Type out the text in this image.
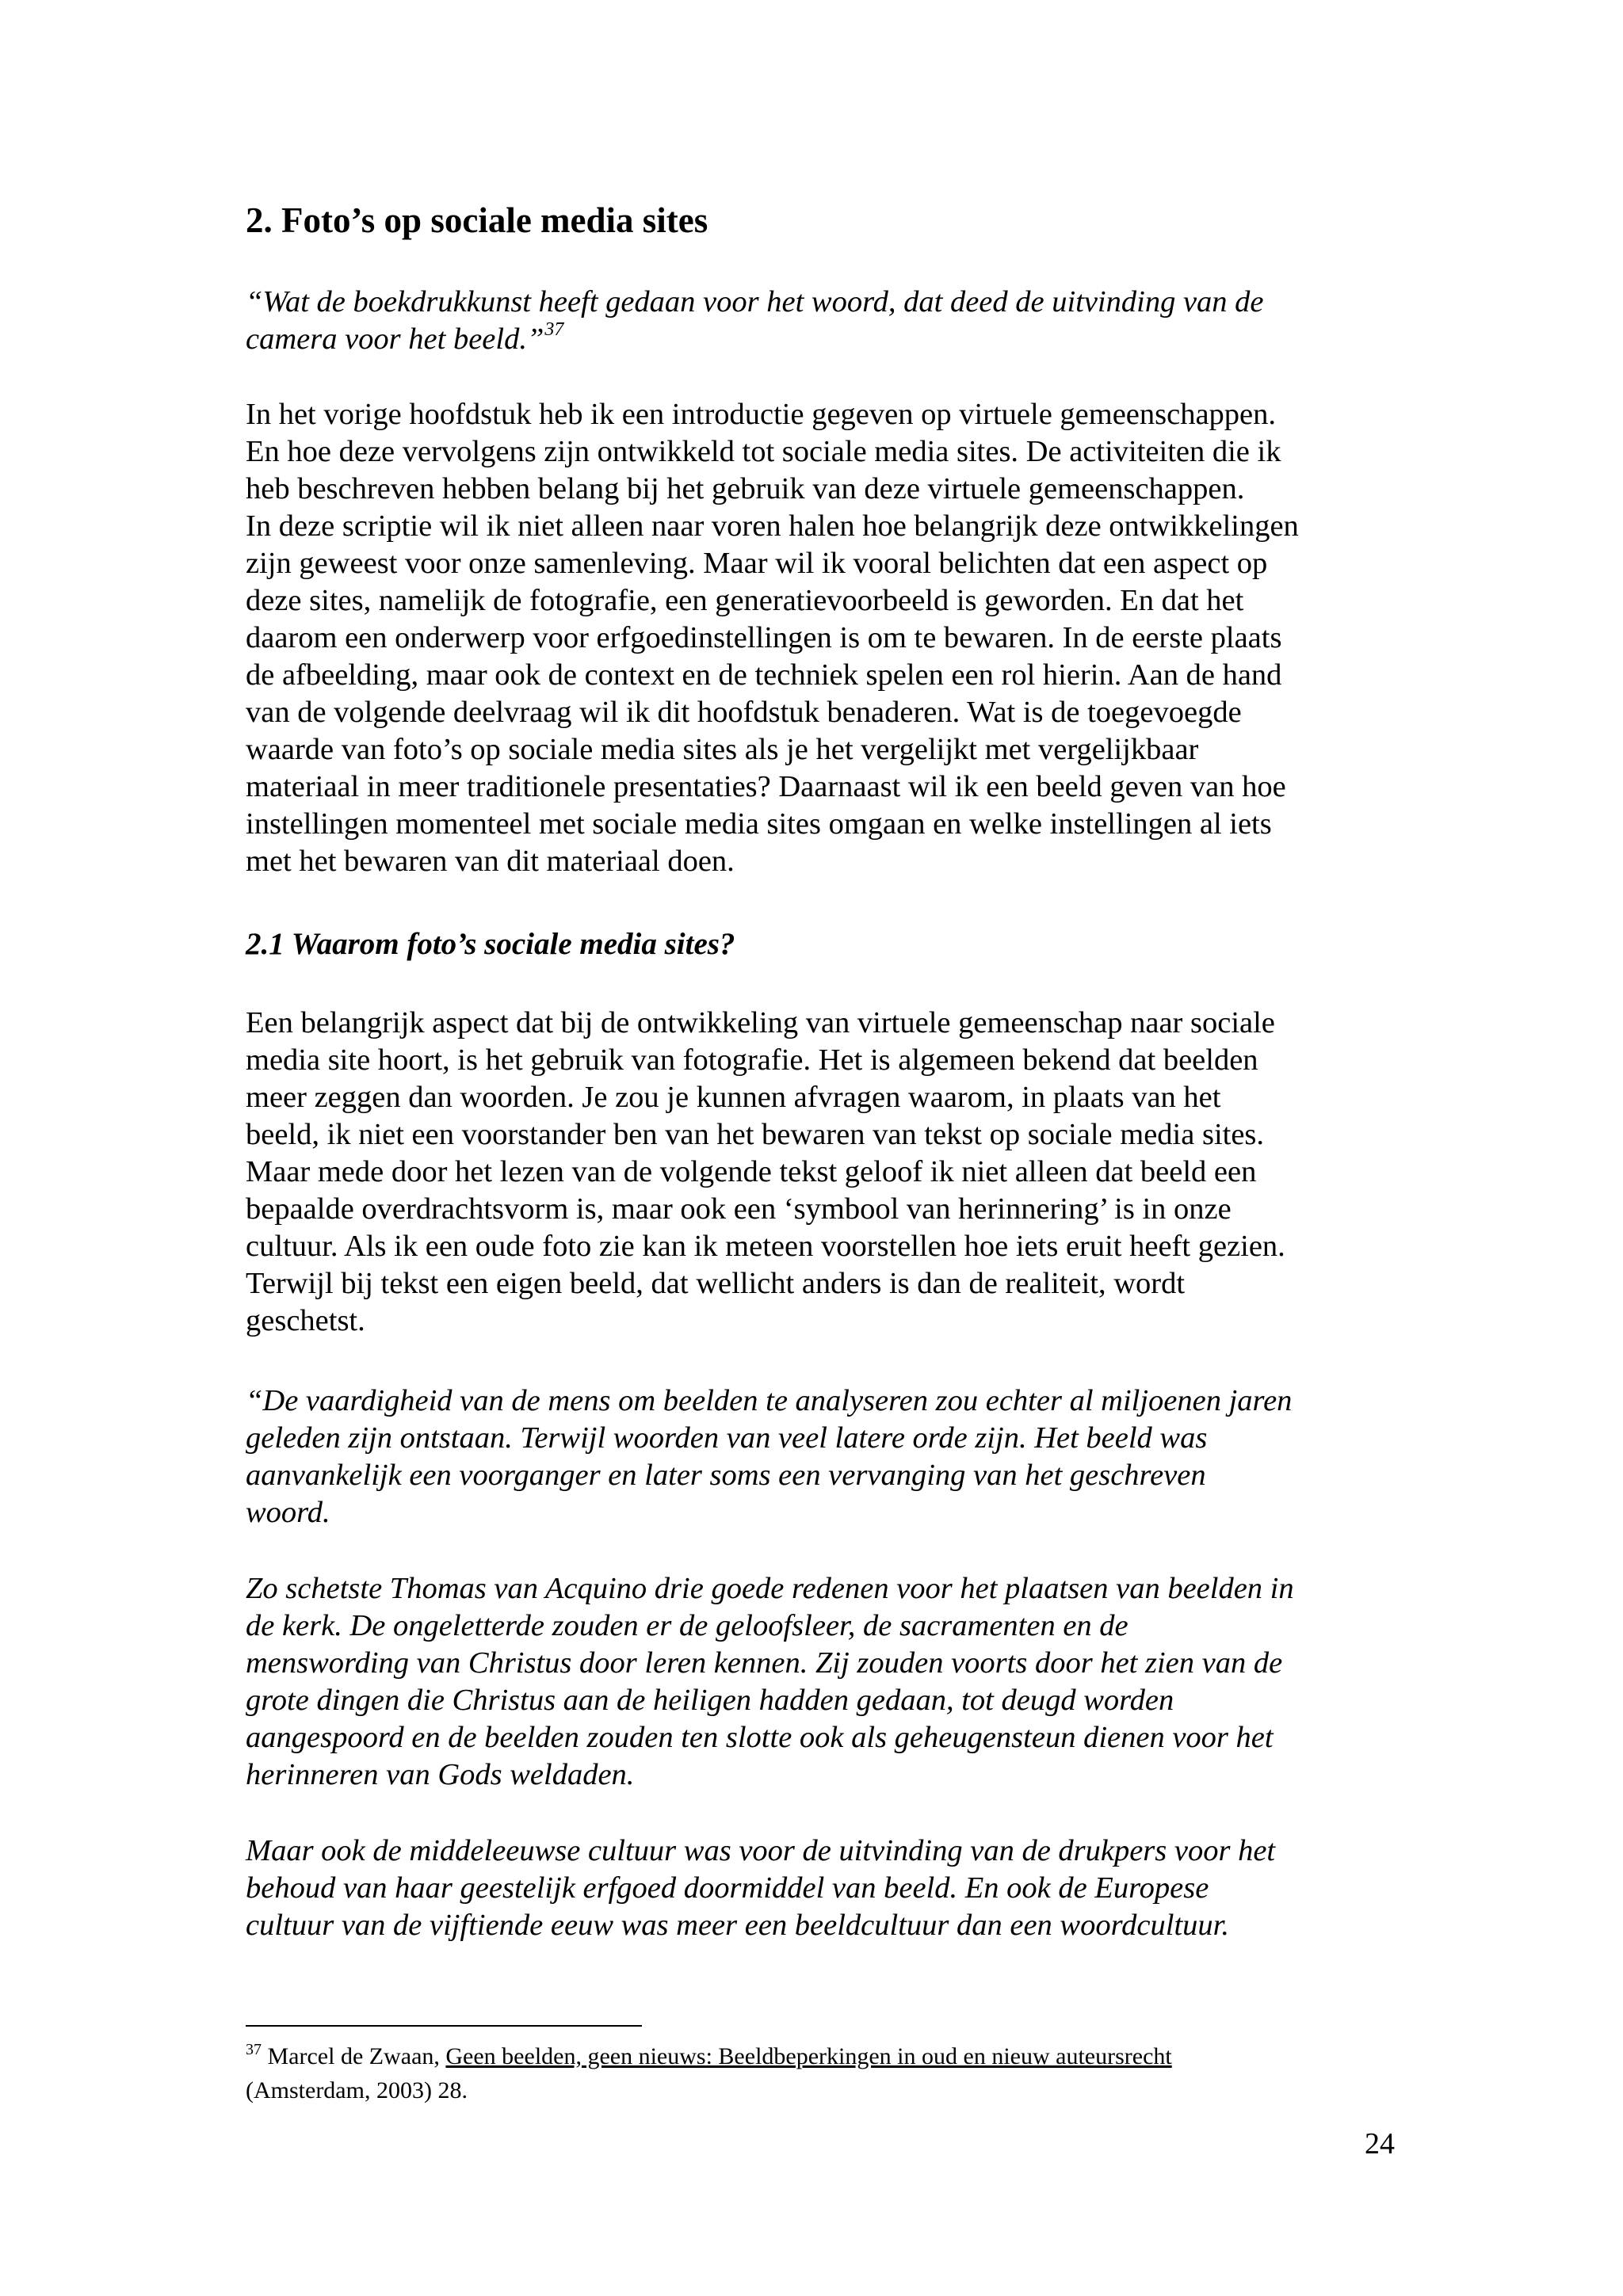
2. Foto’s op sociale media sites

“Wat de boekdrukkunst heeft gedaan voor het woord, dat deed de uitvinding van de
camera voor het beeld.”$^{37}$

In het vorige hoofdstuk heb ik een introductie gegeven op virtuele gemeenschappen.
En hoe deze vervolgens zijn ontwikkeld tot sociale media sites. De activiteiten die ik
heb beschreven hebben belang bij het gebruik van deze virtuele gemeenschappen.
In deze scriptie wil ik niet alleen naar voren halen hoe belangrijk deze ontwikkelingen
zijn geweest voor onze samenleving. Maar wil ik vooral belichten dat een aspect op
deze sites, namelijk de fotografie, een generatievoorbeeld is geworden. En dat het
daarom een onderwerp voor erfgoedinstellingen is om te bewaren. In de eerste plaats
de afbeelding, maar ook de context en de techniek spelen een rol hierin. Aan de hand
van de volgende deelvraag wil ik dit hoofdstuk benaderen. Wat is de toegevoegde
waarde van foto’s op sociale media sites als je het vergelijkt met vergelijkbaar
materiaal in meer traditionele presentaties? Daarnaast wil ik een beeld geven van hoe
instellingen momenteel met sociale media sites omgaan en welke instellingen al iets
met het bewaren van dit materiaal doen.

2.1 Waarom foto’s sociale media sites?

Een belangrijk aspect dat bij de ontwikkeling van virtuele gemeenschap naar sociale
media site hoort, is het gebruik van fotografie. Het is algemeen bekend dat beelden
meer zeggen dan woorden. Je zou je kunnen afvragen waarom, in plaats van het
beeld, ik niet een voorstander ben van het bewaren van tekst op sociale media sites.
Maar mede door het lezen van de volgende tekst geloof ik niet alleen dat beeld een
bepaalde overdrachtsvorm is, maar ook een ‘symbool van herinnering’ is in onze
cultuur. Als ik een oude foto zie kan ik meteen voorstellen hoe iets eruit heeft gezien.
Terwijl bij tekst een eigen beeld, dat wellicht anders is dan de realiteit, wordt
geschetst.

“De vaardigheid van de mens om beelden te analyseren zou echter al miljoenen jaren
geleden zijn ontstaan. Terwijl woorden van veel latere orde zijn. Het beeld was
aanvankelijk een voorganger en later soms een vervanging van het geschreven
woord.

Zo schetste Thomas van Acquino drie goede redenen voor het plaatsen van beelden in
de kerk. De ongeletterde zouden er de geloofsleer, de sacramenten en de
menswording van Christus door leren kennen. Zij zouden voorts door het zien van de
grote dingen die Christus aan de heiligen hadden gedaan, tot deugd worden
aangespoord en de beelden zouden ten slotte ook als geheugensteun dienen voor het
herinneren van Gods weldaden.

Maar ook de middeleeuwse cultuur was voor de uitvinding van de drukpers voor het
behoud van haar geestelijk erfgoed doormiddel van beeld. En ook de Europese
cultuur van de vijftiende eeuw was meer een beeldcultuur dan een woordcultuur.

$^{37}$ Marcel de Zwaan, Geen beelden, geen nieuws: Beeldbeperkingen in oud en nieuw auteursrecht
(Amsterdam, 2003) 28.
24
